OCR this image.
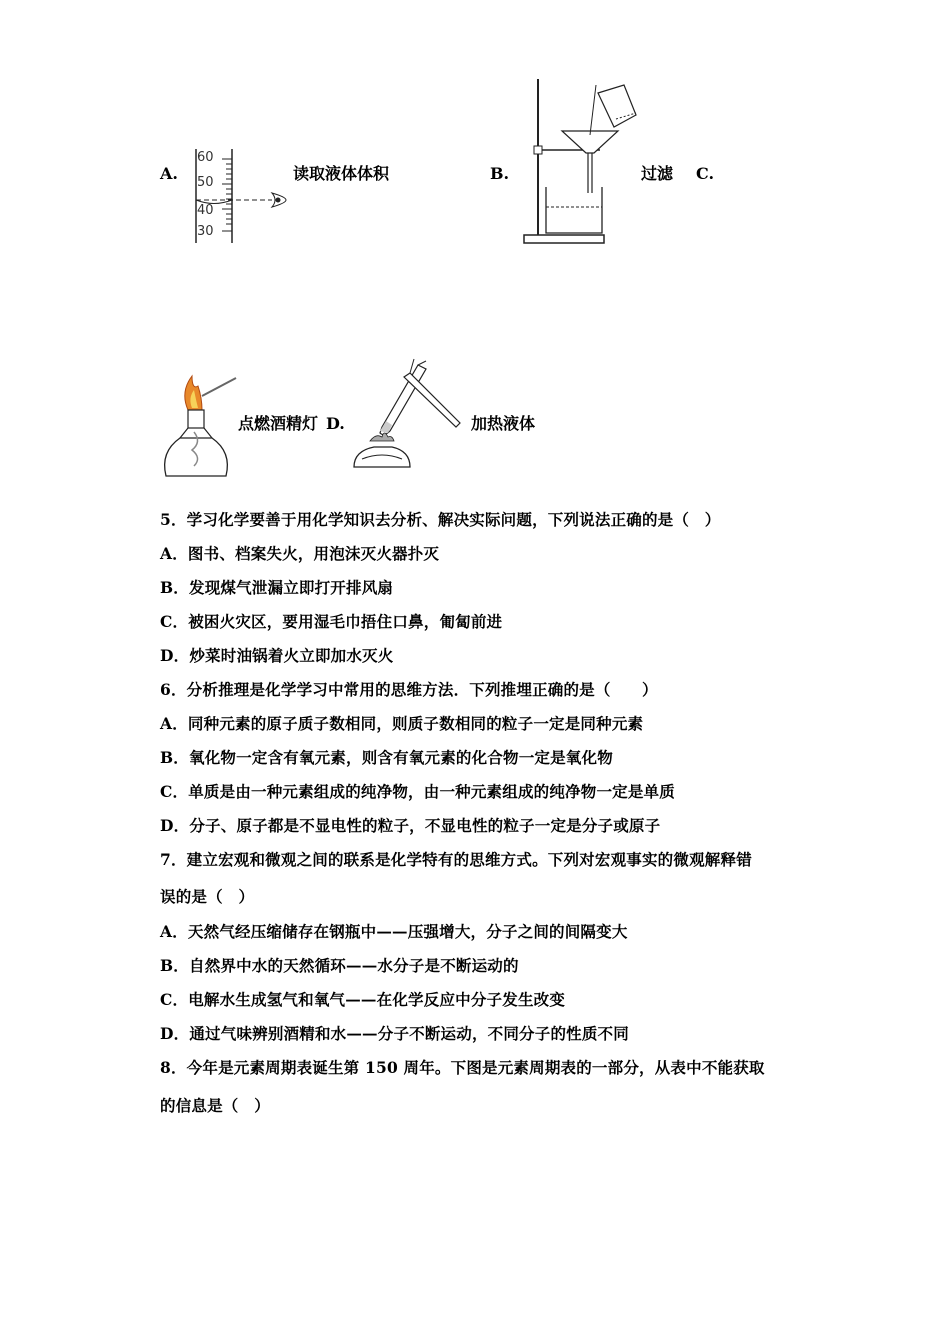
A.
60
50
40
30
读取液体体积	B.	过滤 C.
点燃酒精灯 D.	加热液体
5．学习化学要善于用化学知识去分析、解决实际问题，下列说法正确的是（　）
A．图书、档案失火，用泡沫灭火器扑灭
B．发现煤气泄漏立即打开排风扇
C．被困火灾区，要用湿毛巾捂住口鼻，匍匐前进
D．炒菜时油锅着火立即加水灭火
6．分析推理是化学学习中常用的思维方法．下列推埋正确的是（　　）
A．同种元素的原子质子数相同，则质子数相同的粒子一定是同种元素
B．氧化物一定含有氧元素，则含有氧元素的化合物一定是氧化物
C．单质是由一种元素组成的纯净物，由一种元素组成的纯净物一定是单质
D．分子、原子都是不显电性的粒子，不显电性的粒子一定是分子或原子
7．建立宏观和微观之间的联系是化学特有的思维方式。下列对宏观事实的微观解释错
误的是（　）
A．天然气经压缩储存在钢瓶中——压强增大，分子之间的间隔变大
B．自然界中水的天然循环——水分子是不断运动的
C．电解水生成氢气和氧气——在化学反应中分子发生改变
D．通过气味辨别酒精和水——分子不断运动，不同分子的性质不同
8．今年是元素周期表诞生第 150 周年。下图是元素周期表的一部分，从表中不能获取
的信息是（　）
